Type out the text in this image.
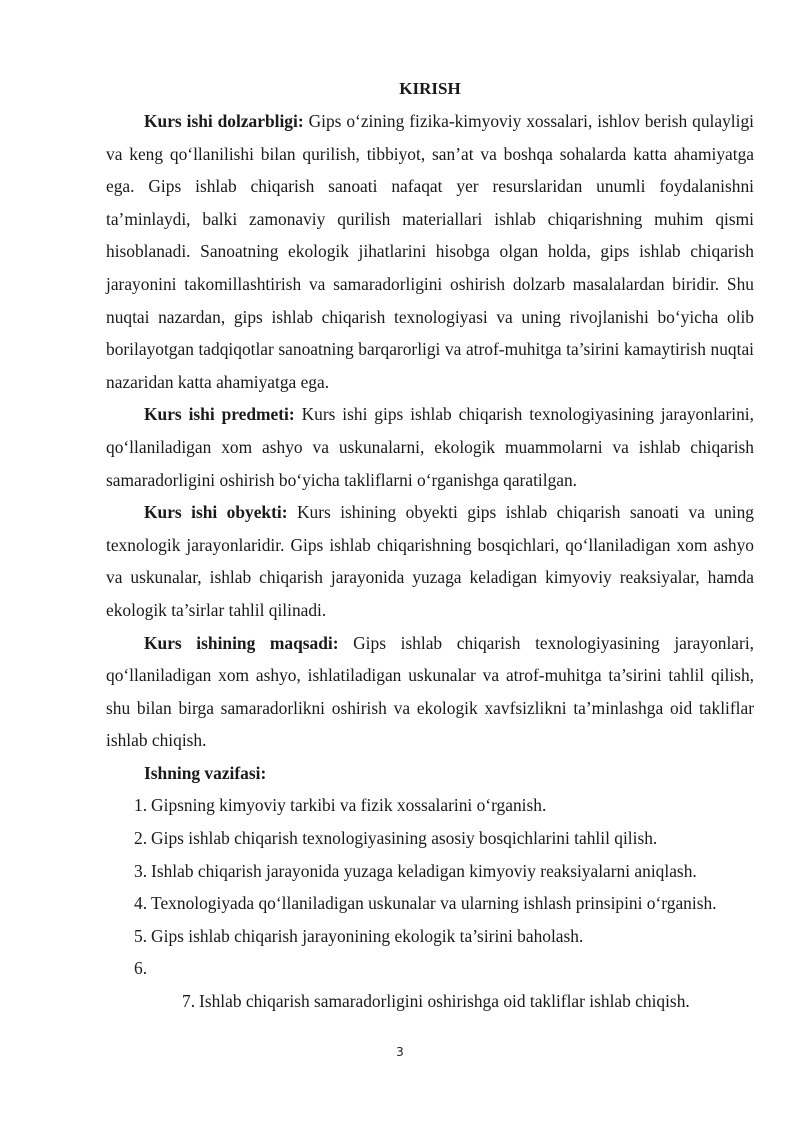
KIRISH

Kurs ishi dolzarbligi: Gips o‘zining fizika-kimyoviy xossalari, ishlov berish qulayligi va keng qo‘llanilishi bilan qurilish, tibbiyot, san’at va boshqa sohalarda katta ahamiyatga ega. Gips ishlab chiqarish sanoati nafaqat yer resurslaridan unumli foydalanishni ta’minlaydi, balki zamonaviy qurilish materiallari ishlab chiqarishning muhim qismi hisoblanadi. Sanoatning ekologik jihatlarini hisobga olgan holda, gips ishlab chiqarish jarayonini takomillashtirish va samaradorligini oshirish dolzarb masalalardan biridir. Shu nuqtai nazardan, gips ishlab chiqarish texnologiyasi va uning rivojlanishi bo‘yicha olib borilayotgan tadqiqotlar sanoatning barqarorligi va atrof-muhitga ta’sirini kamaytirish nuqtai nazaridan katta ahamiyatga ega.

Kurs ishi predmeti: Kurs ishi gips ishlab chiqarish texnologiyasining jarayonlarini, qo‘llaniladigan xom ashyo va uskunalarni, ekologik muammolarni va ishlab chiqarish samaradorligini oshirish bo‘yicha takliflarni o‘rganishga qaratilgan.

Kurs ishi obyekti: Kurs ishining obyekti gips ishlab chiqarish sanoati va uning texnologik jarayonlaridir. Gips ishlab chiqarishning bosqichlari, qo‘llaniladigan xom ashyo va uskunalar, ishlab chiqarish jarayonida yuzaga keladigan kimyoviy reaksiyalar, hamda ekologik ta’sirlar tahlil qilinadi.

Kurs ishining maqsadi: Gips ishlab chiqarish texnologiyasining jarayonlari, qo‘llaniladigan xom ashyo, ishlatiladigan uskunalar va atrof-muhitga ta’sirini tahlil qilish, shu bilan birga samaradorlikni oshirish va ekologik xavfsizlikni ta’minlashga oid takliflar ishlab chiqish.

Ishning vazifasi:

1. Gipsning kimyoviy tarkibi va fizik xossalarini o‘rganish.

2. Gips ishlab chiqarish texnologiyasining asosiy bosqichlarini tahlil qilish.

3. Ishlab chiqarish jarayonida yuzaga keladigan kimyoviy reaksiyalarni aniqlash.

4. Texnologiyada qo‘llaniladigan uskunalar va ularning ishlash prinsipini o‘rganish.

5. Gips ishlab chiqarish jarayonining ekologik ta’sirini baholash.

6.

7. Ishlab chiqarish samaradorligini oshirishga oid takliflar ishlab chiqish.

3
